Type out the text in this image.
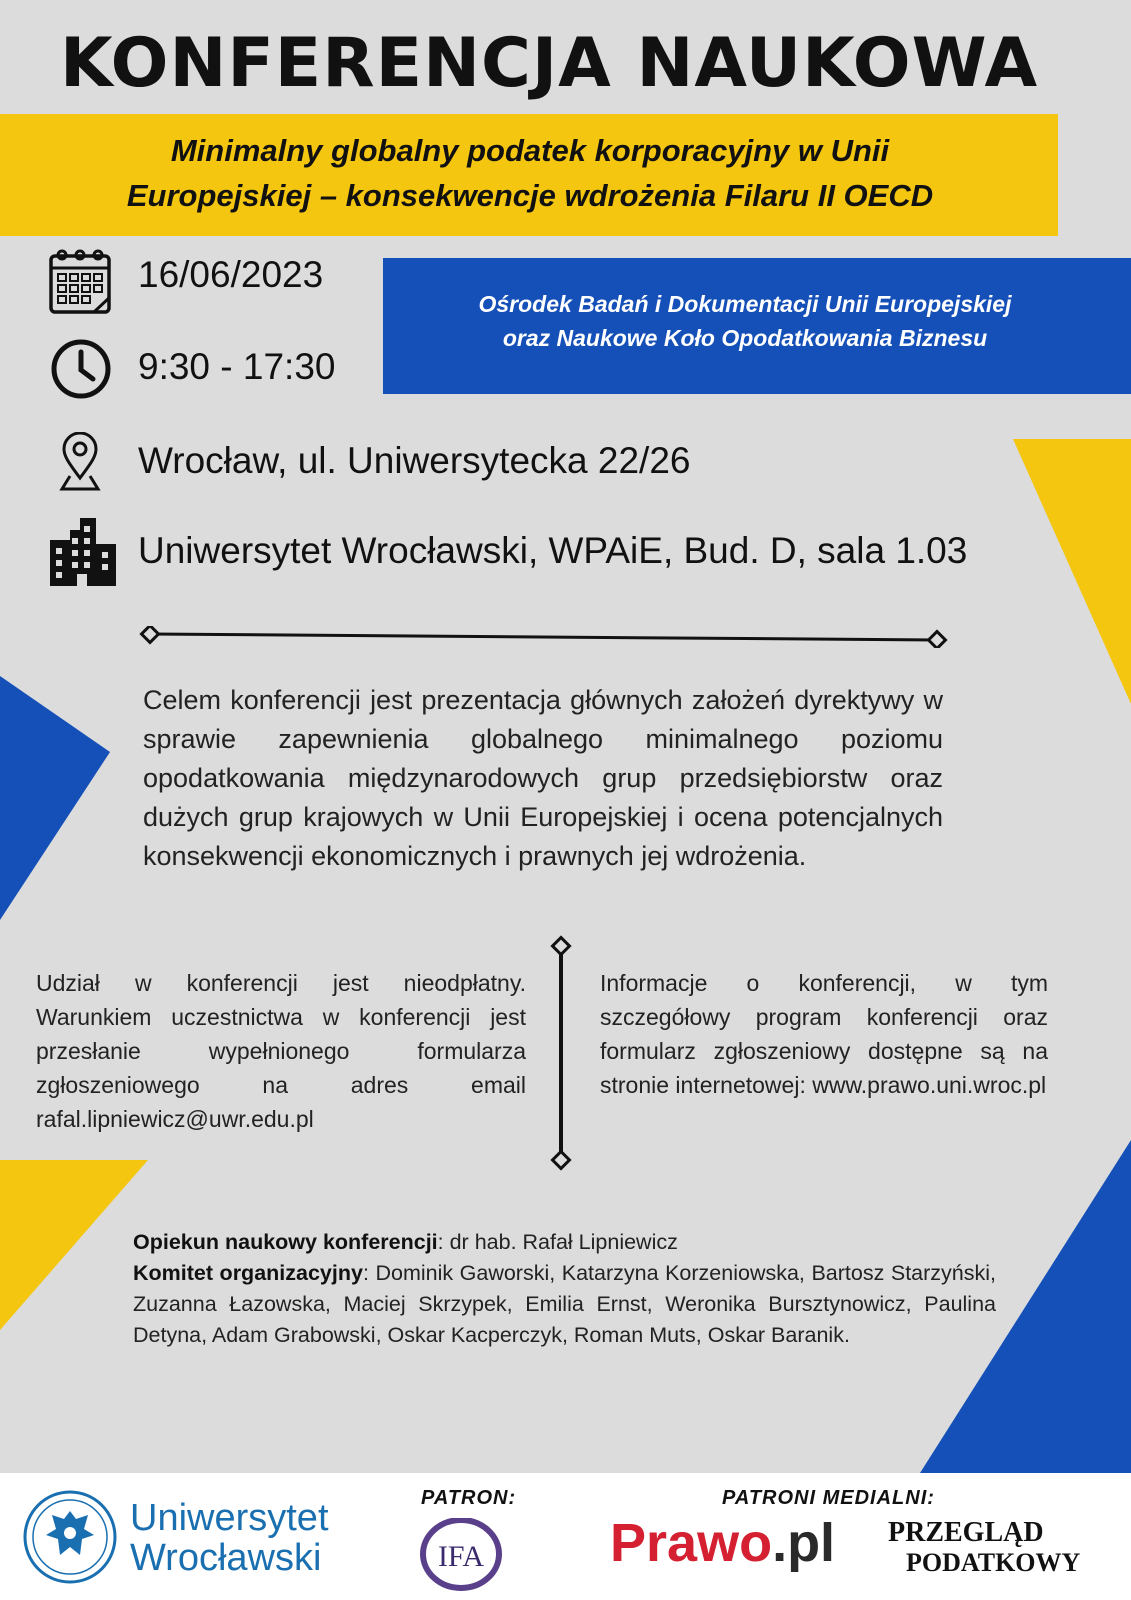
KONFERENCJA NAUKOWA
Minimalny globalny podatek korporacyjny w Unii
Europejskiej – konsekwencje wdrożenia Filaru II OECD
Ośrodek Badań i Dokumentacji Unii Europejskiej
oraz Naukowe Koło Opodatkowania Biznesu
16/06/2023
9:30 - 17:30
Wrocław, ul. Uniwersytecka 22/26
Uniwersytet Wrocławski, WPAiE, Bud. D, sala 1.03
Celem konferencji jest prezentacja głównych założeń dyrektywy w sprawie zapewnienia globalnego minimalnego poziomu opodatkowania międzynarodowych grup przedsiębiorstw oraz dużych grup krajowych w Unii Europejskiej i ocena potencjalnych konsekwencji ekonomicznych i prawnych jej wdrożenia.
Udział w konferencji jest nieodpłatny. Warunkiem uczestnictwa w konferencji jest przesłanie wypełnionego formularza zgłoszeniowego na adres email rafal.lipniewicz@uwr.edu.pl
Informacje o konferencji, w tym szczegółowy program konferencji oraz formularz zgłoszeniowy dostępne są na stronie internetowej: www.prawo.uni.wroc.pl
Opiekun naukowy konferencji: dr hab. Rafał Lipniewicz
Komitet organizacyjny: Dominik Gaworski, Katarzyna Korzeniowska, Bartosz Starzyński, Zuzanna Łazowska, Maciej Skrzypek, Emilia Ernst, Weronika Bursztynowicz, Paulina Detyna, Adam Grabowski, Oskar Kacperczyk, Roman Muts, Oskar Baranik.
Uniwersytet
Wrocławski
PATRON:
IFA
PATRONI MEDIALNI:
Prawo.pl PRZEGLĄD
PODATKOWY
